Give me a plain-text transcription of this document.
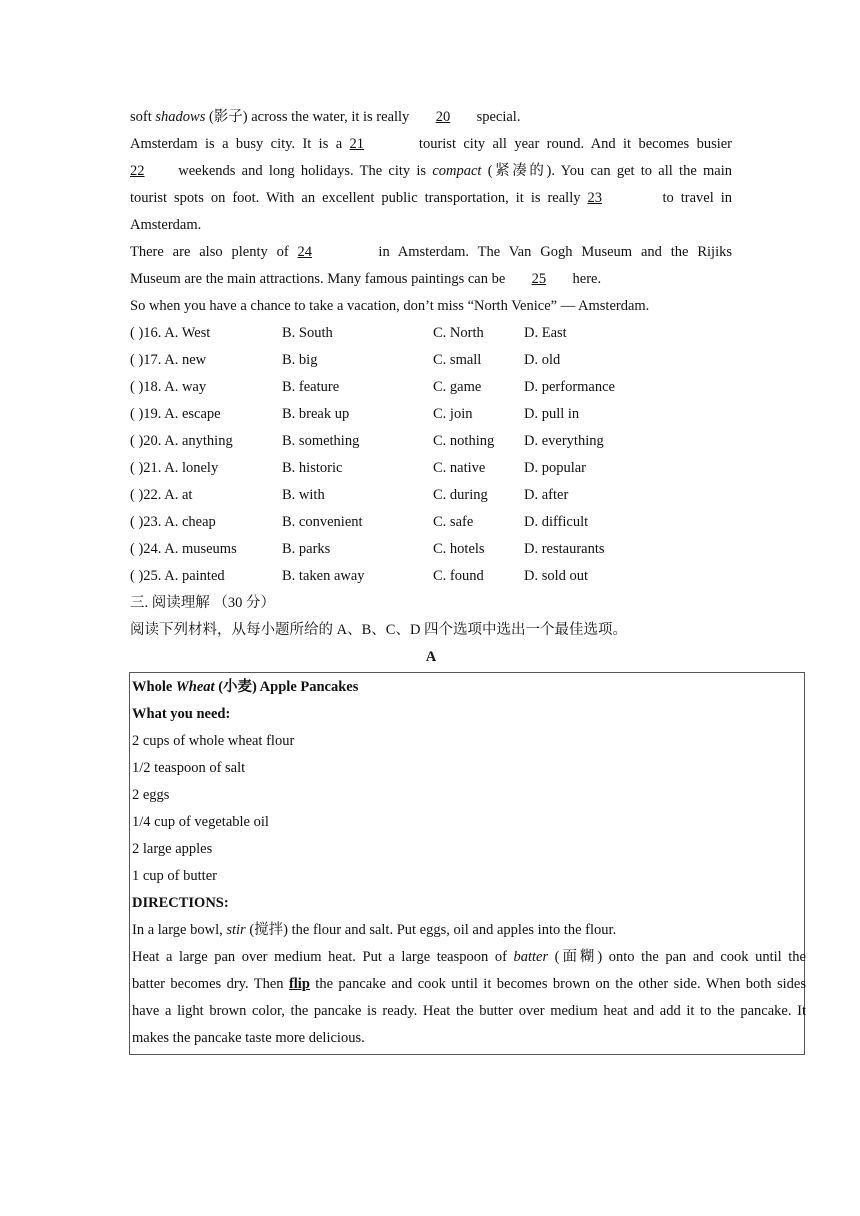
soft shadows (影子) across the water, it is really 20 special.
Amsterdam is a busy city. It is a 21	tourist city all year round. And it becomes busier
22 weekends and long holidays. The city is compact (紧凑的). You can get to all the main
tourist spots on foot. With an excellent public transportation, it is really 23	to travel in
Amsterdam.
There are also plenty of 24	in Amsterdam. The Van Gogh Museum and the Rijiks
Museum are the main attractions. Many famous paintings can be 25 here.
So when you have a chance to take a vacation, don’t miss “North Venice” — Amsterdam.
( )16. A. West	B. South	C. North	D. East
( )17. A. new	B. big	C. small	D. old
( )18. A. way	B. feature	C. game	D. performance
( )19. A. escape	B. break up	C. join	D. pull in
( )20. A. anything	B. something	C. nothing D. everything
( )21. A. lonely	B. historic	C. native	D. popular
( )22. A. at	B. with	C. during D. after
( )23. A. cheap	B. convenient	C. safe	D. difficult
( )24. A. museums	B. parks	C. hotels	D. restaurants
( )25. A. painted	B. taken away	C. found	D. sold out
三. 阅读理解 （30 分）
阅读下列材料，从每小题所给的 A、B、C、D 四个选项中选出一个最佳选项。
A
Whole Wheat (小麦) Apple Pancakes
What you need:
2 cups of whole wheat flour
1/2 teaspoon of salt
2 eggs
1/4 cup of vegetable oil
2 large apples
1 cup of butter
DIRECTIONS:
In a large bowl, stir (搅拌) the flour and salt. Put eggs, oil and apples into the flour.
Heat a large pan over medium heat. Put a large teaspoon of batter (面糊) onto the pan and cook until the
batter becomes dry. Then flip the pancake and cook until it becomes brown on the other side. When both sides
have a light brown color, the pancake is ready. Heat the butter over medium heat and add it to the pancake. It
makes the pancake taste more delicious.
